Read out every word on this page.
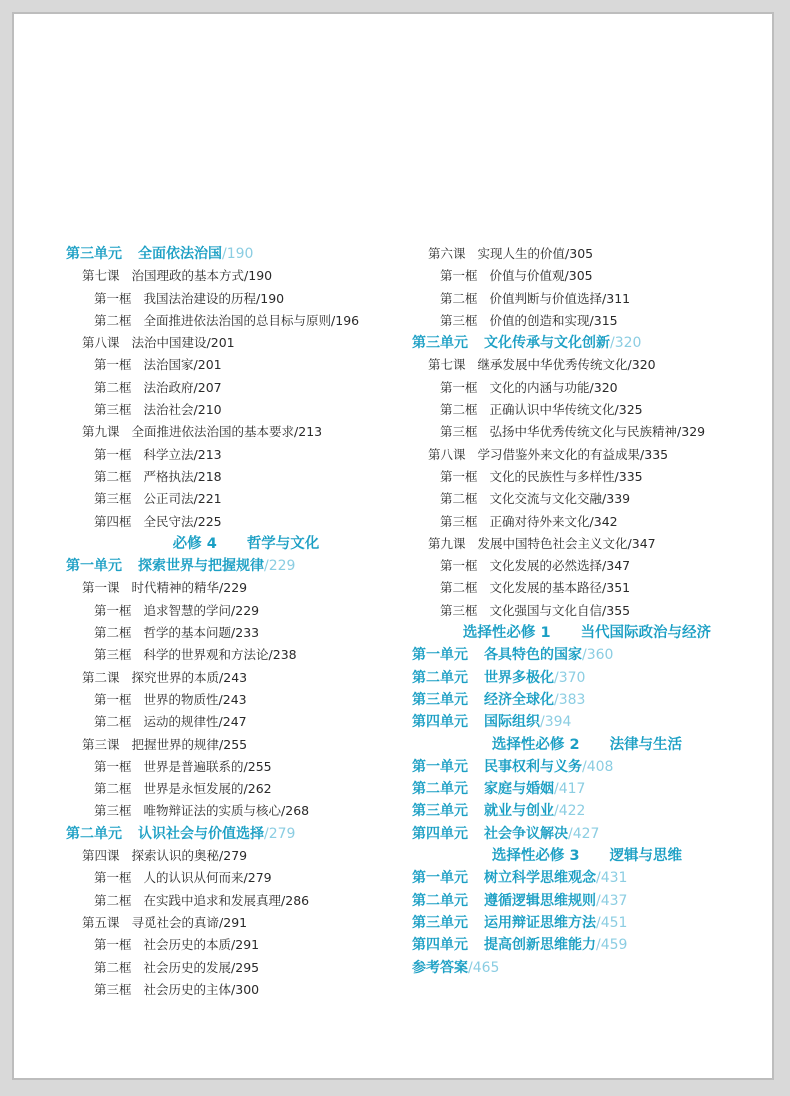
第三单元 全面依法治国/190
第七课 治国理政的基本方式/190
第一框 我国法治建设的历程/190
第二框 全面推进依法治国的总目标与原则/196
第八课 法治中国建设/201
第一框 法治国家/201
第二框 法治政府/207
第三框 法治社会/210
第九课 全面推进依法治国的基本要求/213
第一框 科学立法/213
第二框 严格执法/218
第三框 公正司法/221
第四框 全民守法/225
必修 4 哲学与文化
第一单元 探索世界与把握规律/229
第一课 时代精神的精华/229
第一框 追求智慧的学问/229
第二框 哲学的基本问题/233
第三框 科学的世界观和方法论/238
第二课 探究世界的本质/243
第一框 世界的物质性/243
第二框 运动的规律性/247
第三课 把握世界的规律/255
第一框 世界是普遍联系的/255
第二框 世界是永恒发展的/262
第三框 唯物辩证法的实质与核心/268
第二单元 认识社会与价值选择/279
第四课 探索认识的奥秘/279
第一框 人的认识从何而来/279
第二框 在实践中追求和发展真理/286
第五课 寻觅社会的真谛/291
第一框 社会历史的本质/291
第二框 社会历史的发展/295
第三框 社会历史的主体/300
第六课 实现人生的价值/305
第一框 价值与价值观/305
第二框 价值判断与价值选择/311
第三框 价值的创造和实现/315
第三单元 文化传承与文化创新/320
第七课 继承发展中华优秀传统文化/320
第一框 文化的内涵与功能/320
第二框 正确认识中华传统文化/325
第三框 弘扬中华优秀传统文化与民族精神/329
第八课 学习借鉴外来文化的有益成果/335
第一框 文化的民族性与多样性/335
第二框 文化交流与文化交融/339
第三框 正确对待外来文化/342
第九课 发展中国特色社会主义文化/347
第一框 文化发展的必然选择/347
第二框 文化发展的基本路径/351
第三框 文化强国与文化自信/355
选择性必修 1 当代国际政治与经济
第一单元 各具特色的国家/360
第二单元 世界多极化/370
第三单元 经济全球化/383
第四单元 国际组织/394
选择性必修 2 法律与生活
第一单元 民事权利与义务/408
第二单元 家庭与婚姻/417
第三单元 就业与创业/422
第四单元 社会争议解决/427
选择性必修 3 逻辑与思维
第一单元 树立科学思维观念/431
第二单元 遵循逻辑思维规则/437
第三单元 运用辩证思维方法/451
第四单元 提高创新思维能力/459
参考答案/465
